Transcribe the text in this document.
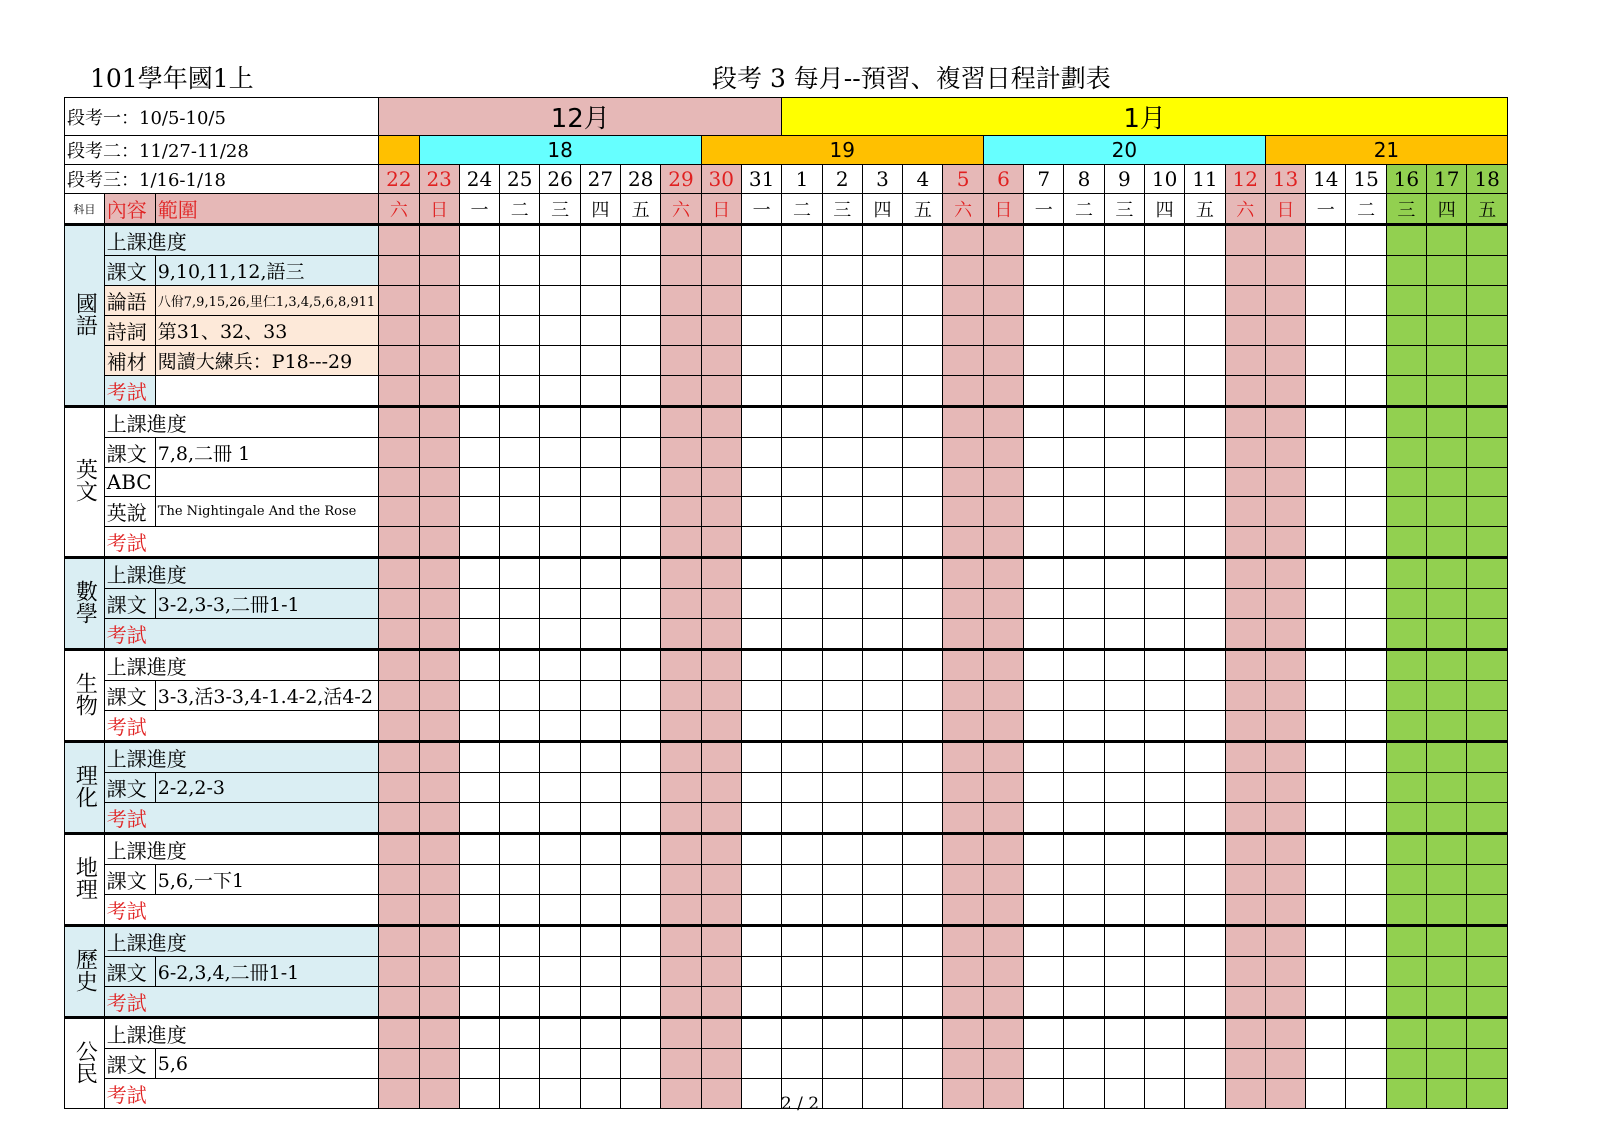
101學年國1上	段考 3 每月--預習、複習日程計劃表
段考一：10/5-10/5			12月										1月																	
段考二：11/27-11/28				18							19							20							21					
段考三：1/16-1/18			22	23	24	25	26	27	28	29	30	31	1	2	3	4	5	6	7	8	9	10	11	12	13	14	15	16	17	18
科目	內容	範圍	六	日	一	二	三	四	五	六	日	一	二	三	四	五	六	日	一	二	三	四	五	六	日	一	二	三	四	五
國語	上課進度																													
	課文	9,10,11,12,語三																												
	論語	八佾7,9,15,26,里仁1,3,4,5,6,8,911																												
	詩詞	第31、32、33																												
	補材	閱讀大練兵：P18---29																												
	考試																													
英文	上課進度																													
	課文	7,8,二冊 1																												
	ABC																													
	英說	The Nightingale And the Rose																												
	考試																													
數學	上課進度																													
	課文	3-2,3-3,二冊1-1																												
	考試																													
生物	上課進度																													
	課文	3-3,活3-3,4-1.4-2,活4-2																												
	考試																													
理化	上課進度																													
	課文	2-2,2-3																												
	考試																													
地理	上課進度																													
	課文	5,6,一下1																												
	考試																													
歷史	上課進度																													
	課文	6-2,3,4,二冊1-1																												
	考試																													
公民	上課進度																													
	課文	5,6																												
	考試																														2 / 2
